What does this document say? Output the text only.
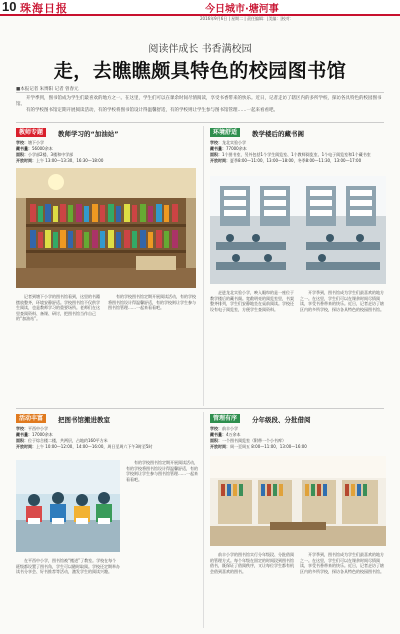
10 珠海日报	今日城市·塘河事
2016年9月6日 | 星期二 | 责任编辑：|美编：|校对：
阅读伴成长 书香满校园
走，去瞧瞧颇具特色的校园图书馆
■本报记者 朱博阳 记者 曾春元
开学季到，图书馆成为学生们最喜欢的地方之一。在这里，学生们可以在课余时间尽情阅读，享受书香带来的快乐。近日，记者走访了辖区内的多所学校，探访各具特色的校园图书馆。
有的学校图书馆定期开展阅读活动，有的学校将图书馆设计得温馨舒适，有的学校则让学生参与图书馆管理……一起来看看吧。
教师专题	教师学习的“加油站”
学校：塘下小学
藏书量：56000余本
面积：小学部2楼、3楼和中学部
开放时间：上午 13:00—13:30，16:30—18:00
记者到塘下小学的图书馆看到，这里的书籍摆放整齐，环境安静舒适。学校图书馆不仅供学生阅读，也是教师学习的重要场所。老师们在这里查阅资料、备课、研讨，把图书馆当作自己的“加油站”。
有的学校图书馆定期开展阅读活动，有的学校将图书馆设计得温馨舒适，有的学校则让学生参与图书馆管理……一起来看看吧。
环境舒适	教学楼后的藏书阁
学校：龙北实验小学
藏书量：77000余本
面积：1个图书室，另外包括1个学生阅览室、1个教师阅览室、1个电子阅览室和1个藏书室
开放时间：夏季8:00—11:00，13:00—18:00，冬季8:00—11:30，13:00—17:00
走进龙北实验小学，映入眼帘的是一座位于教学楼后的藏书阁。宽敞明亮的阅览室里，书架整齐排列，学生们安静地坐在桌前阅读。学校还设有电子阅览室，方便学生查阅资料。
开学季到，图书馆成为学生们最喜欢的地方之一。在这里，学生们可以在课余时间尽情阅读，享受书香带来的快乐。近日，记者走访了辖区内的多所学校，探访各具特色的校园图书馆。
活动丰富	把图书馆搬进教室
学校：平西中小学
藏书量：17000余本
面积：位于综合楼二楼，共两层，占地约160平方米
开放时间：上午 10:00—12:00，14:00—16:00，周日至周六下午3时至5时
在平西中小学，图书馆被“搬进”了教室。学校在每个班级都设置了图书角，学生可以随时取阅。学校还定期举办读书分享会、好书推荐等活动，激发学生的阅读兴趣。
有的学校图书馆定期开展阅读活动，有的学校将图书馆设计得温馨舒适，有的学校则让学生参与图书馆管理……一起来看看吧。
管理有序	分年级段、分批借阅
学校：前丰小学
藏书量：4万余本
面积：一个图书阅览室（附带一个小书库）
开放时间：周一至周五 8:00—11:00，13:00—16:00
前丰小学的图书馆实行分年级段、分批借阅的管理方式。每个年级在固定的时间段到图书馆借书，既保证了借阅秩序，又让每位学生都有机会借到喜欢的图书。
开学季到，图书馆成为学生们最喜欢的地方之一。在这里，学生们可以在课余时间尽情阅读，享受书香带来的快乐。近日，记者走访了辖区内的多所学校，探访各具特色的校园图书馆。
